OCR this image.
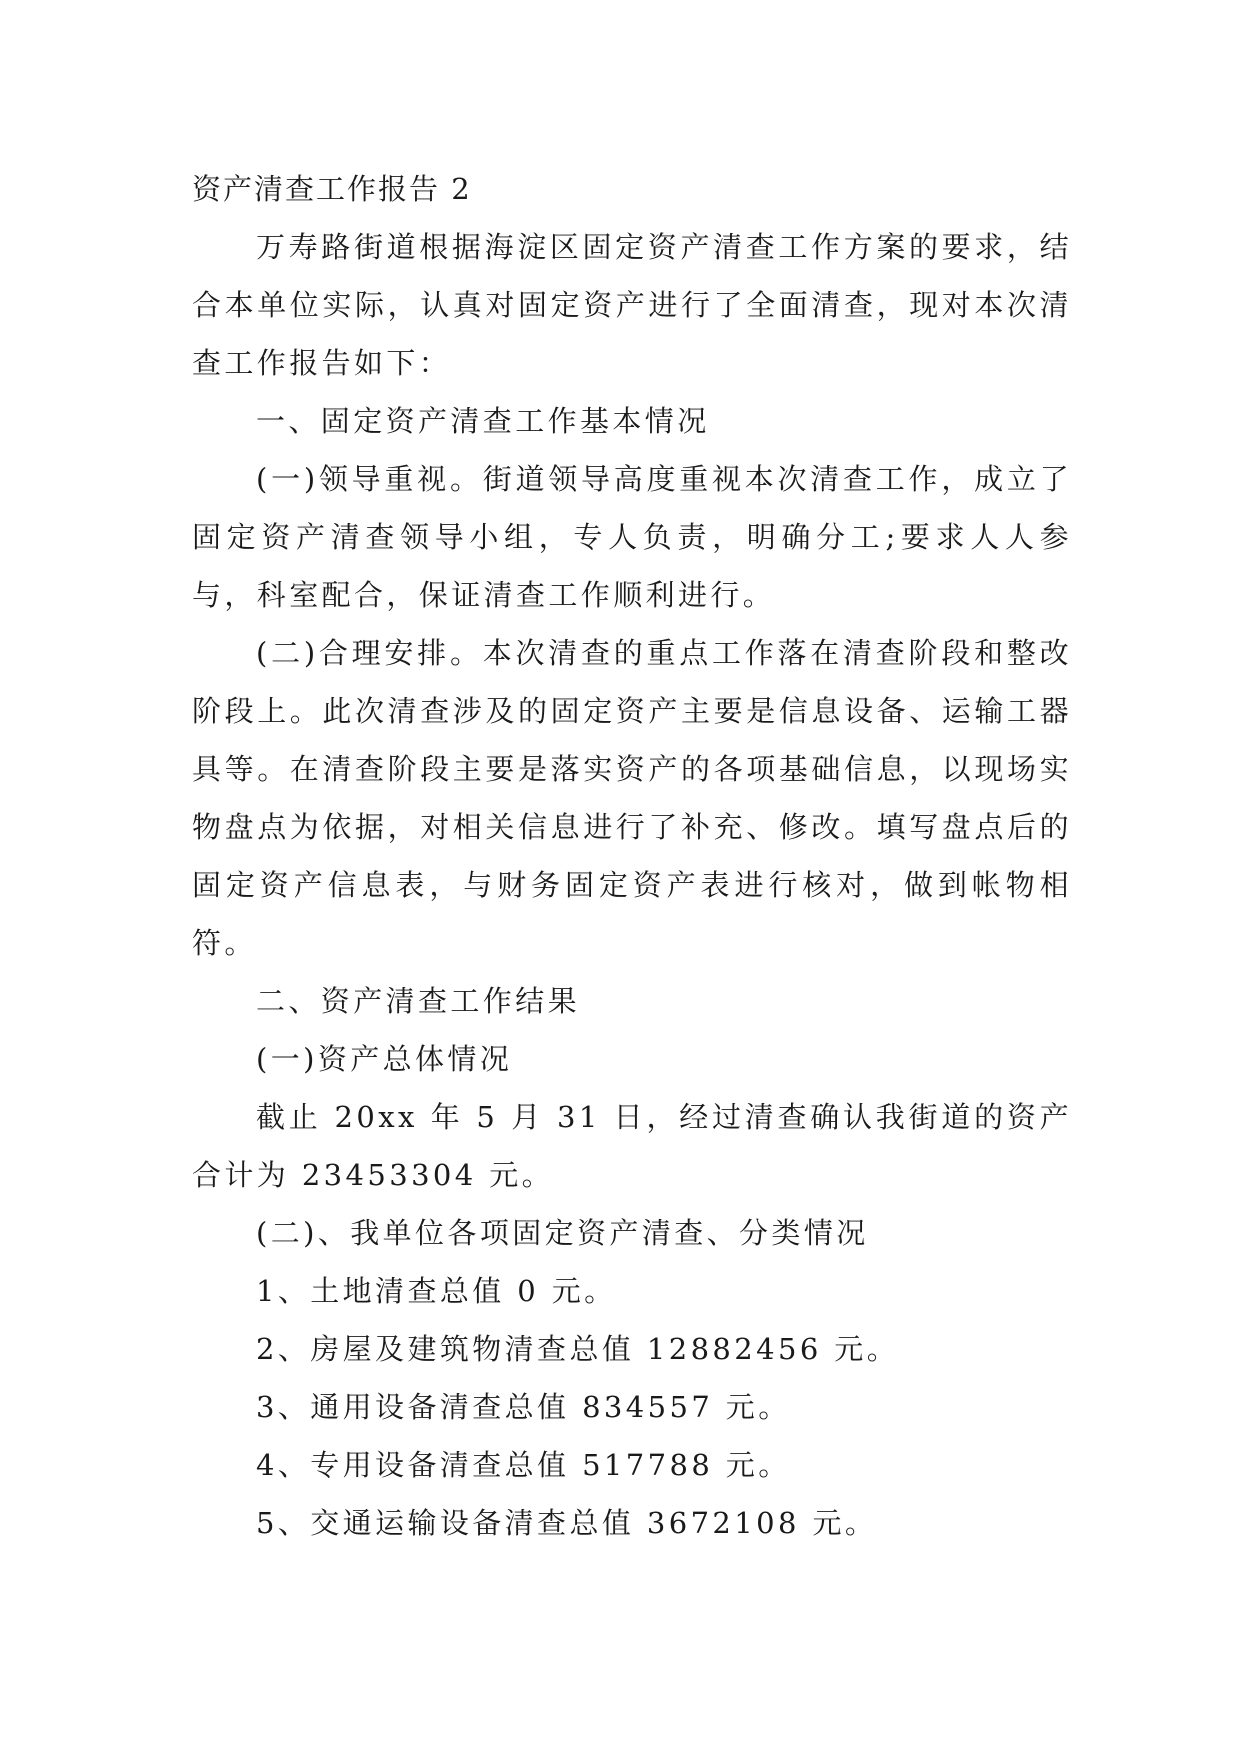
资产清查工作报告 2

万寿路街道根据海淀区固定资产清查工作方案的要求，结合本单位实际，认真对固定资产进行了全面清查，现对本次清查工作报告如下：

一、固定资产清查工作基本情况

(一)领导重视。街道领导高度重视本次清查工作，成立了固定资产清查领导小组，专人负责，明确分工;要求人人参与，科室配合，保证清查工作顺利进行。

(二)合理安排。本次清查的重点工作落在清查阶段和整改阶段上。此次清查涉及的固定资产主要是信息设备、运输工器具等。在清查阶段主要是落实资产的各项基础信息，以现场实物盘点为依据，对相关信息进行了补充、修改。填写盘点后的固定资产信息表，与财务固定资产表进行核对，做到帐物相符。

二、资产清查工作结果

(一)资产总体情况

截止 20xx 年 5 月 31 日，经过清查确认我街道的资产合计为 23453304 元。

(二)、我单位各项固定资产清查、分类情况

1、土地清查总值 0 元。

2、房屋及建筑物清查总值 12882456 元。

3、通用设备清查总值 834557 元。

4、专用设备清查总值 517788 元。

5、交通运输设备清查总值 3672108 元。
